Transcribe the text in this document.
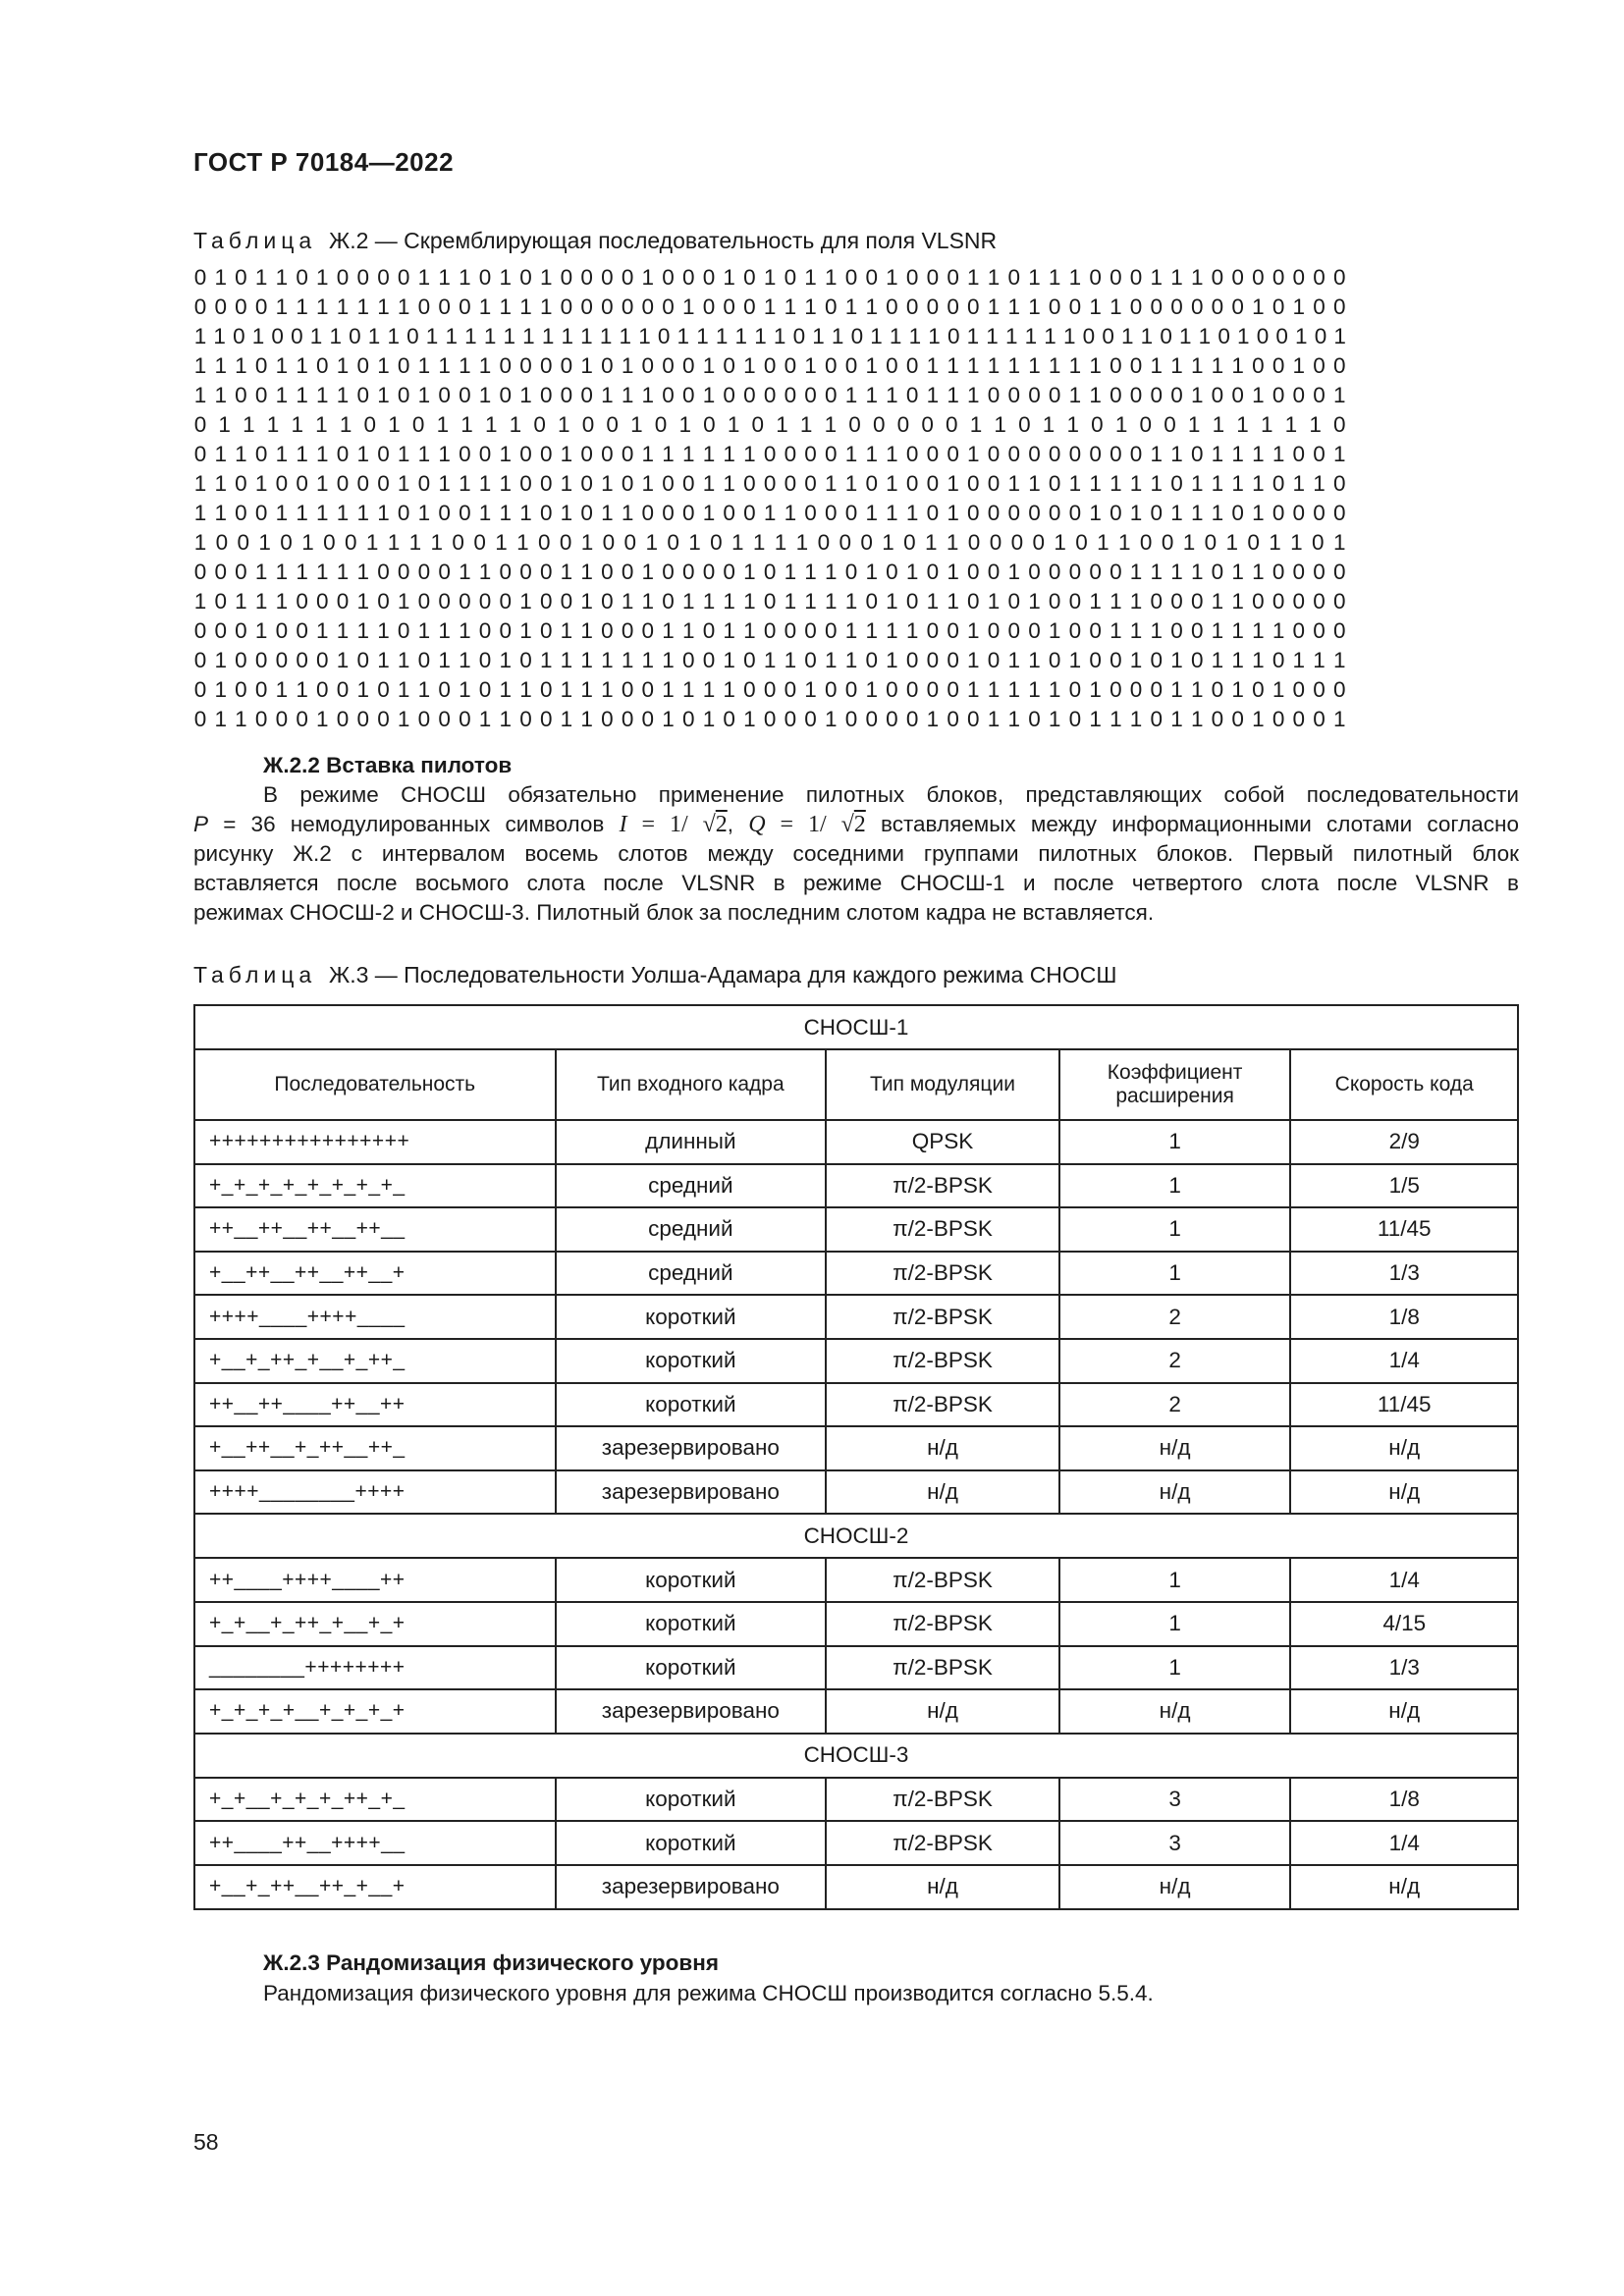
ГОСТ Р 70184—2022
Таблица Ж.2 — Скремблирующая последовательность для поля VLSNR
0 1 0 1 1 0 1 0 0 0 0 1 1 1 0 1 0 1 0 0 0 0 1 0 0 0 1 0 1 0 1 1 0 0 1 0 0 0 1 1 0 1 1 1 0 0 0 1 1 1 0 0 0 0 0 0 0
0 0 0 0 1 1 1 1 1 1 1 0 0 0 1 1 1 1 0 0 0 0 0 0 1 0 0 0 1 1 1 0 1 1 0 0 0 0 0 1 1 1 0 0 1 1 0 0 0 0 0 0 1 0 1 0 0
1 1 0 1 0 0 1 1 0 1 1 0 1 1 1 1 1 1 1 1 1 1 1 1 0 1 1 1 1 1 1 0 1 1 0 1 1 1 1 0 1 1 1 1 1 1 0 0 1 1 0 1 1 0 1 0 0 1 0 1
1 1 1 0 1 1 0 1 0 1 0 1 1 1 1 0 0 0 0 1 0 1 0 0 0 1 0 1 0 0 1 0 0 1 0 0 1 1 1 1 1 1 1 1 1 0 0 1 1 1 1 1 0 0 1 0 0
1 1 0 0 1 1 1 1 0 1 0 1 0 0 1 0 1 0 0 0 1 1 1 0 0 1 0 0 0 0 0 0 1 1 1 0 1 1 1 0 0 0 0 1 1 0 0 0 0 1 0 0 1 0 0 0 1
0 1 1 1 1 1 1 0 1 0 1 1 1 1 0 1 0 0 1 0 1 0 1 0 1 1 1 0 0 0 0 0 1 1 0 1 1 0 1 0 0 1 1 1 1 1 1 0
0 1 1 0 1 1 1 0 1 0 1 1 1 0 0 1 0 0 1 0 0 0 1 1 1 1 1 1 0 0 0 0 1 1 1 0 0 0 1 0 0 0 0 0 0 0 0 1 1 0 1 1 1 1 0 0 1
1 1 0 1 0 0 1 0 0 0 1 0 1 1 1 1 0 0 1 0 1 0 1 0 0 1 1 0 0 0 0 1 1 0 1 0 0 1 0 0 1 1 0 1 1 1 1 1 0 1 1 1 1 0 1 1 0
1 1 0 0 1 1 1 1 1 1 0 1 0 0 1 1 1 0 1 0 1 1 0 0 0 1 0 0 1 1 0 0 0 1 1 1 0 1 0 0 0 0 0 0 1 0 1 0 1 1 1 0 1 0 0 0 0
1 0 0 1 0 1 0 0 1 1 1 1 0 0 1 1 0 0 1 0 0 1 0 1 0 1 1 1 1 0 0 0 1 0 1 1 0 0 0 0 1 0 1 1 0 0 1 0 1 0 1 1 0 1
0 0 0 1 1 1 1 1 1 0 0 0 0 1 1 0 0 0 1 1 0 0 1 0 0 0 0 1 0 1 1 1 0 1 0 1 0 1 0 0 1 0 0 0 0 0 1 1 1 1 0 1 1 0 0 0 0
1 0 1 1 1 0 0 0 1 0 1 0 0 0 0 0 1 0 0 1 0 1 1 0 1 1 1 1 0 1 1 1 1 0 1 0 1 1 0 1 0 1 0 0 1 1 1 0 0 0 1 1 0 0 0 0 0
0 0 0 1 0 0 1 1 1 1 0 1 1 1 0 0 1 0 1 1 0 0 0 1 1 0 1 1 0 0 0 0 1 1 1 1 0 0 1 0 0 0 1 0 0 1 1 1 0 0 1 1 1 1 0 0 0
0 1 0 0 0 0 0 1 0 1 1 0 1 1 0 1 0 1 1 1 1 1 1 1 0 0 1 0 1 1 0 1 1 0 1 0 0 0 1 0 1 1 0 1 0 0 1 0 1 0 1 1 1 0 1 1 1
0 1 0 0 1 1 0 0 1 0 1 1 0 1 0 1 1 0 1 1 1 0 0 1 1 1 1 0 0 0 1 0 0 1 0 0 0 0 1 1 1 1 1 0 1 0 0 0 1 1 0 1 0 1 0 0 0
0 1 1 0 0 0 1 0 0 0 1 0 0 0 1 1 0 0 1 1 0 0 0 1 0 1 0 1 0 0 0 1 0 0 0 0 1 0 0 1 1 0 1 0 1 1 1 0 1 1 0 0 1 0 0 0 1
Ж.2.2 Вставка пилотов
В режиме СНОСШ обязательно применение пилотных блоков, представляющих собой последовательности
P = 36 немодулированных символов I = 1/ √2, Q = 1/ √2 вставляемых между информационными слотами согласно
рисунку Ж.2 с интервалом восемь слотов между соседними группами пилотных блоков. Первый пилотный блок
вставляется после восьмого слота после VLSNR в режиме СНОСШ-1 и после четвертого слота после VLSNR в
режимах СНОСШ-2 и СНОСШ-3. Пилотный блок за последним слотом кадра не вставляется.
Таблица Ж.3 — Последовательности Уолша-Адамара для каждого режима СНОСШ
СНОСШ-1				
Последовательность	Тип входного кадра	Тип модуляции	Коэффициент расширения	Скорость кода
++++++++++++++++	длинный	QPSK	1	2/9
+_+_+_+_+_+_+_+_	средний	π/2-BPSK	1	1/5
++__++__++__++__	средний	π/2-BPSK	1	11/45
+__++__++__++__+	средний	π/2-BPSK	1	1/3
++++____++++____	короткий	π/2-BPSK	2	1/8
+__+_++_+__+_++_	короткий	π/2-BPSK	2	1/4
++__++____++__++	короткий	π/2-BPSK	2	11/45
+__++__+_++__++_	зарезервировано	н/д	н/д	н/д
++++________++++	зарезервировано	н/д	н/д	н/д
СНОСШ-2				
++____++++____++	короткий	π/2-BPSK	1	1/4
+_+__+_++_+__+_+	короткий	π/2-BPSK	1	4/15
________++++++++	короткий	π/2-BPSK	1	1/3
+_+_+_+__+_+_+_+	зарезервировано	н/д	н/д	н/д
СНОСШ-3				
+_+__+_+_+_++_+_	короткий	π/2-BPSK	3	1/8
++____++__++++__	короткий	π/2-BPSK	3	1/4
+__+_++__++_+__+	зарезервировано	н/д	н/д	н/д
Ж.2.3 Рандомизация физического уровня
Рандомизация физического уровня для режима СНОСШ производится согласно 5.5.4.
58
